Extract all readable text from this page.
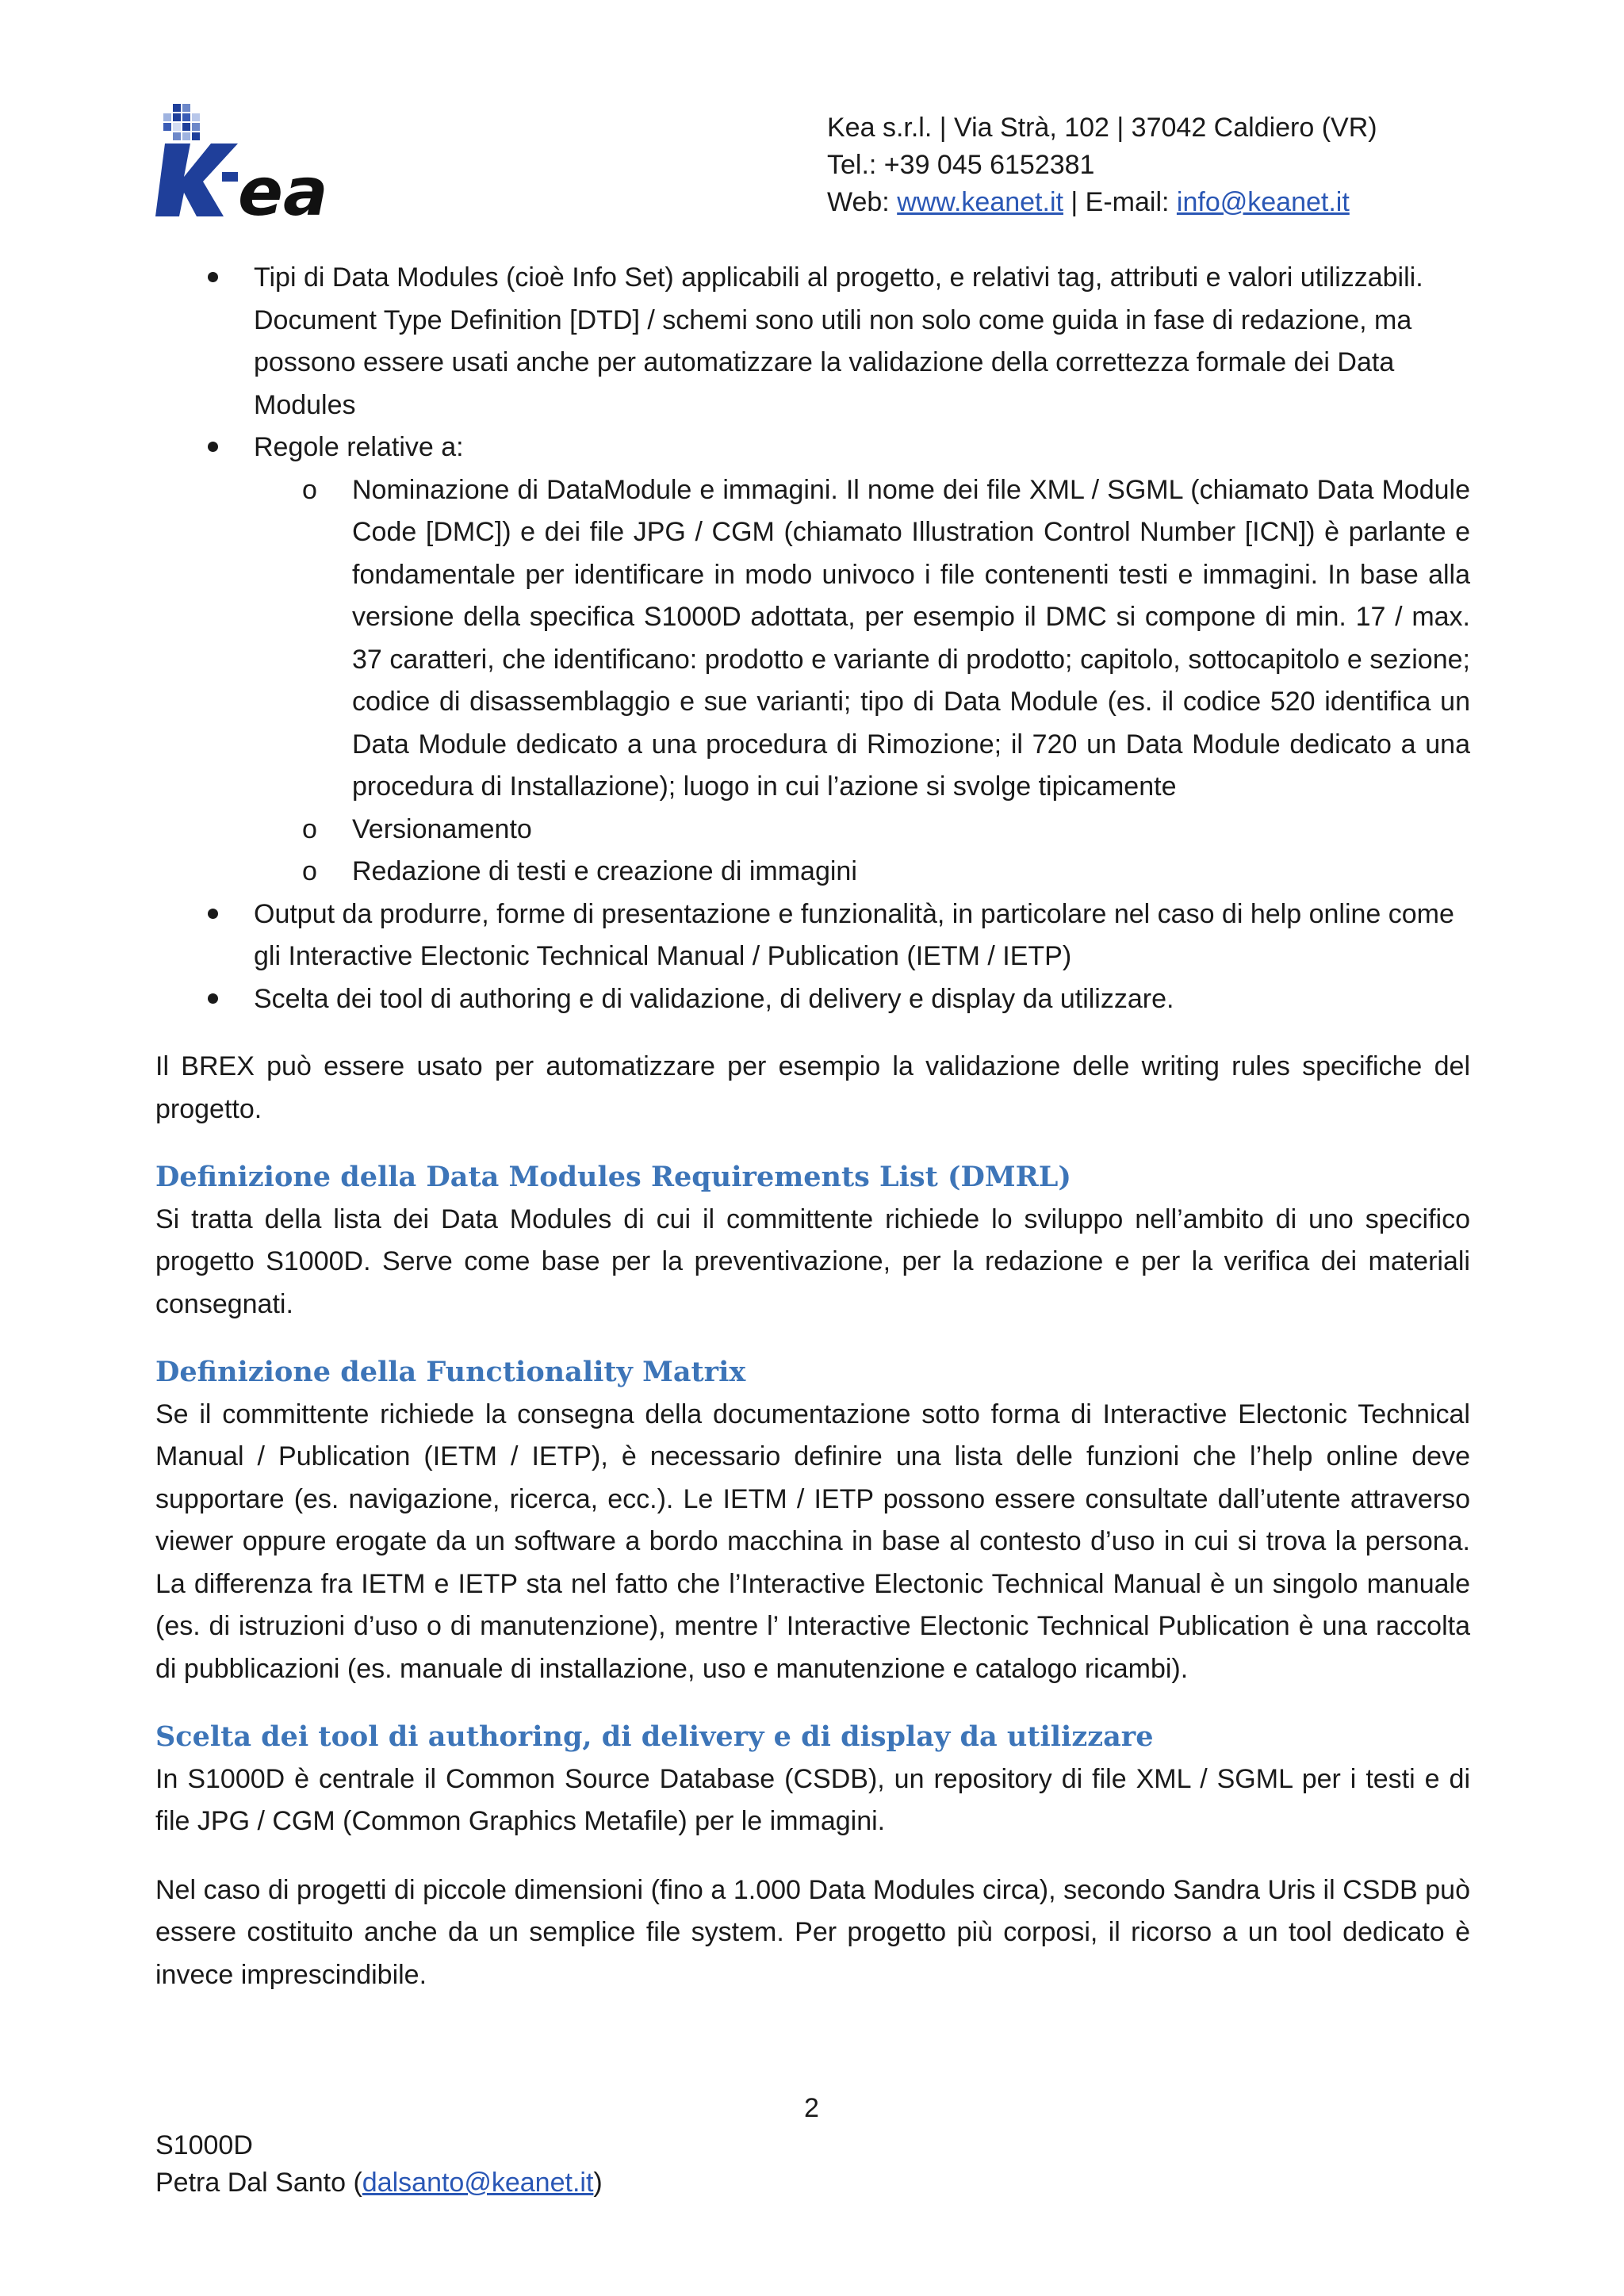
ea
Kea s.r.l. | Via Strà, 102 | 37042 Caldiero (VR)
Tel.: +39 045 6152381
Web: www.keanet.it | E-mail: info@keanet.it
Tipi di Data Modules (cioè Info Set) applicabili al progetto, e relativi tag, attributi e valori utilizzabili. Document Type Definition [DTD] / schemi sono utili non solo come guida in fase di redazione, ma possono essere usati anche per automatizzare la validazione della correttezza formale dei Data Modules
Regole relative a:
o Nominazione di DataModule e immagini. Il nome dei file XML / SGML (chiamato Data Module Code [DMC]) e dei file JPG / CGM (chiamato Illustration Control Number [ICN]) è parlante e fondamentale per identificare in modo univoco i file contenenti testi e immagini. In base alla versione della specifica S1000D adottata, per esempio il DMC si compone di min. 17 / max. 37 caratteri, che identificano: prodotto e variante di prodotto; capitolo, sottocapitolo e sezione; codice di disassemblaggio e sue varianti; tipo di Data Module (es. il codice 520 identifica un Data Module dedicato a una procedura di Rimozione; il 720 un Data Module dedicato a una procedura di Installazione); luogo in cui l’azione si svolge tipicamente
o Versionamento
o Redazione di testi e creazione di immagini
Output da produrre, forme di presentazione e funzionalità, in particolare nel caso di help online come gli Interactive Electonic Technical Manual / Publication (IETM / IETP)
Scelta dei tool di authoring e di validazione, di delivery e display da utilizzare.

Il BREX può essere usato per automatizzare per esempio la validazione delle writing rules specifiche del progetto.

Definizione della Data Modules Requirements List (DMRL)

Si tratta della lista dei Data Modules di cui il committente richiede lo sviluppo nell’ambito di uno specifico progetto S1000D. Serve come base per la preventivazione, per la redazione e per la verifica dei materiali consegnati.

Definizione della Functionality Matrix

Se il committente richiede la consegna della documentazione sotto forma di Interactive Electonic Technical Manual / Publication (IETM / IETP), è necessario definire una lista delle funzioni che l’help online deve supportare (es. navigazione, ricerca, ecc.). Le IETM / IETP possono essere consultate dall’utente attraverso viewer oppure erogate da un software a bordo macchina in base al contesto d’uso in cui si trova la persona. La differenza fra IETM e IETP sta nel fatto che l’Interactive Electonic Technical Manual è un singolo manuale (es. di istruzioni d’uso o di manutenzione), mentre l’ Interactive Electonic Technical Publication è una raccolta di pubblicazioni (es. manuale di installazione, uso e manutenzione e catalogo ricambi).

Scelta dei tool di authoring, di delivery e di display da utilizzare

In S1000D è centrale il Common Source Database (CSDB), un repository di file XML / SGML per i testi e di file JPG / CGM (Common Graphics Metafile) per le immagini.

Nel caso di progetti di piccole dimensioni (fino a 1.000 Data Modules circa), secondo Sandra Uris il CSDB può essere costituito anche da un semplice file system. Per progetto più corposi, il ricorso a un tool dedicato è invece imprescindibile.

2
S1000D
Petra Dal Santo (dalsanto@keanet.it)
